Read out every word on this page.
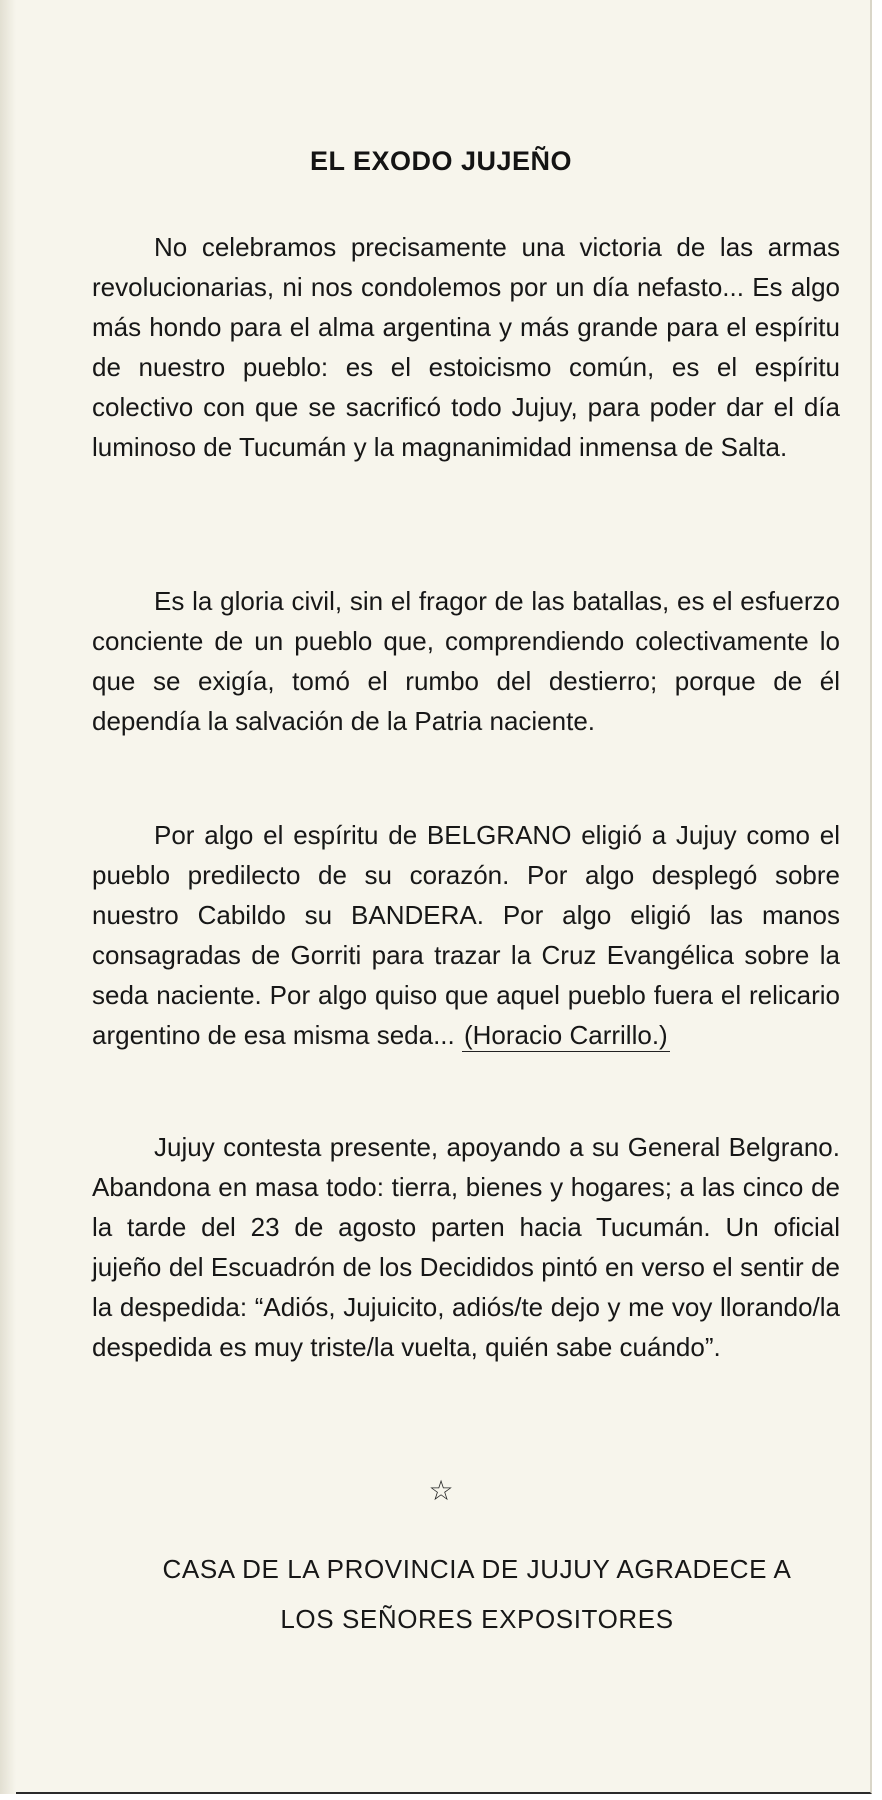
EL EXODO JUJEÑO

No celebramos precisamente una victoria de las armas revolucionarias, ni nos condolemos por un día nefasto... Es algo más hondo para el alma argentina y más grande para el espíritu de nuestro pueblo: es el estoicismo común, es el espíritu colectivo con que se sacrificó todo Jujuy, para poder dar el día luminoso de Tucumán y la magnanimidad inmensa de Salta.

Es la gloria civil, sin el fragor de las batallas, es el esfuerzo conciente de un pueblo que, comprendiendo colectivamente lo que se exigía, tomó el rumbo del destierro; porque de él dependía la salvación de la Patria naciente.

Por algo el espíritu de BELGRANO eligió a Jujuy como el pueblo predilecto de su corazón. Por algo desplegó sobre nuestro Cabildo su BANDERA. Por algo eligió las manos consagradas de Gorriti para trazar la Cruz Evangélica sobre la seda naciente. Por algo quiso que aquel pueblo fuera el relicario argentino de esa misma seda... (Horacio Carrillo.)

Jujuy contesta presente, apoyando a su General Belgrano. Abandona en masa todo: tierra, bienes y hogares; a las cinco de la tarde del 23 de agosto parten hacia Tucumán. Un oficial jujeño del Escuadrón de los Decididos pintó en verso el sentir de la despedida: “Adiós, Jujuicito, adiós/te dejo y me voy llorando/la despedida es muy triste/la vuelta, quién sabe cuándo”.

☆
CASA DE LA PROVINCIA DE JUJUY AGRADECE A
LOS SEÑORES EXPOSITORES
